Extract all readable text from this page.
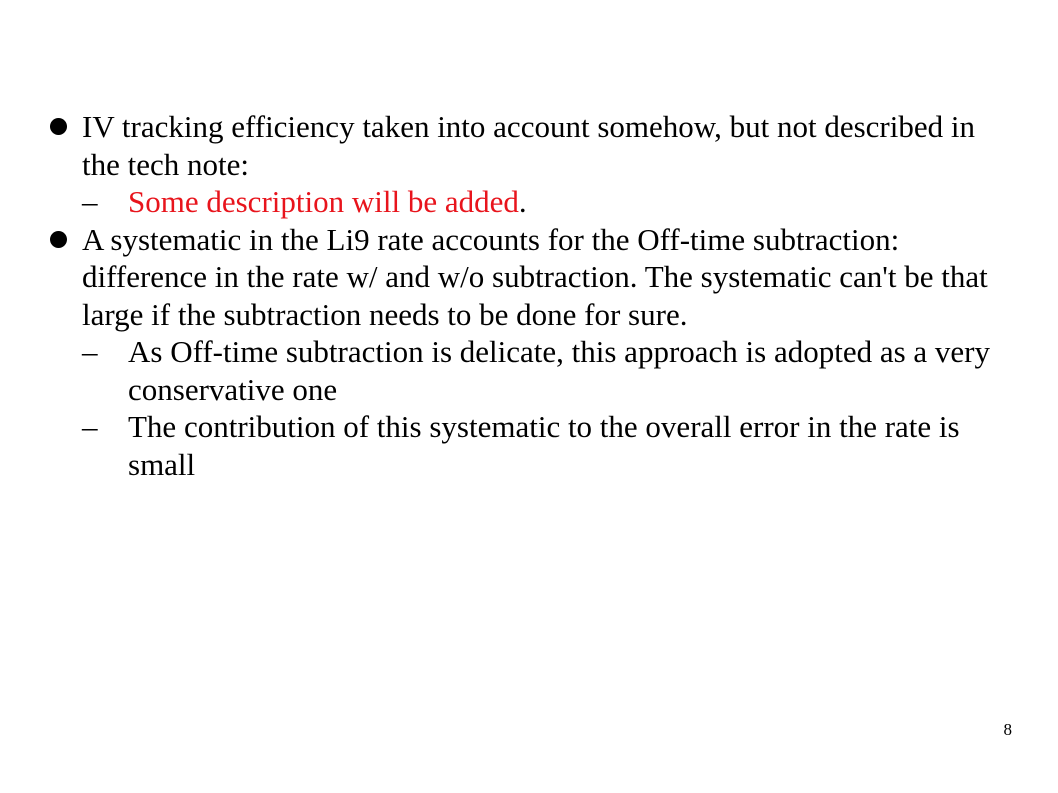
IV tracking efficiency taken into account somehow, but not described in the tech note:
– Some description will be added.
A systematic in the Li9 rate accounts for the Off-time subtraction: difference in the rate w/ and w/o subtraction. The systematic can't be that large if the subtraction needs to be done for sure.
– As Off-time subtraction is delicate, this approach is adopted as a very conservative one
– The contribution of this systematic to the overall error in the rate is small
8
